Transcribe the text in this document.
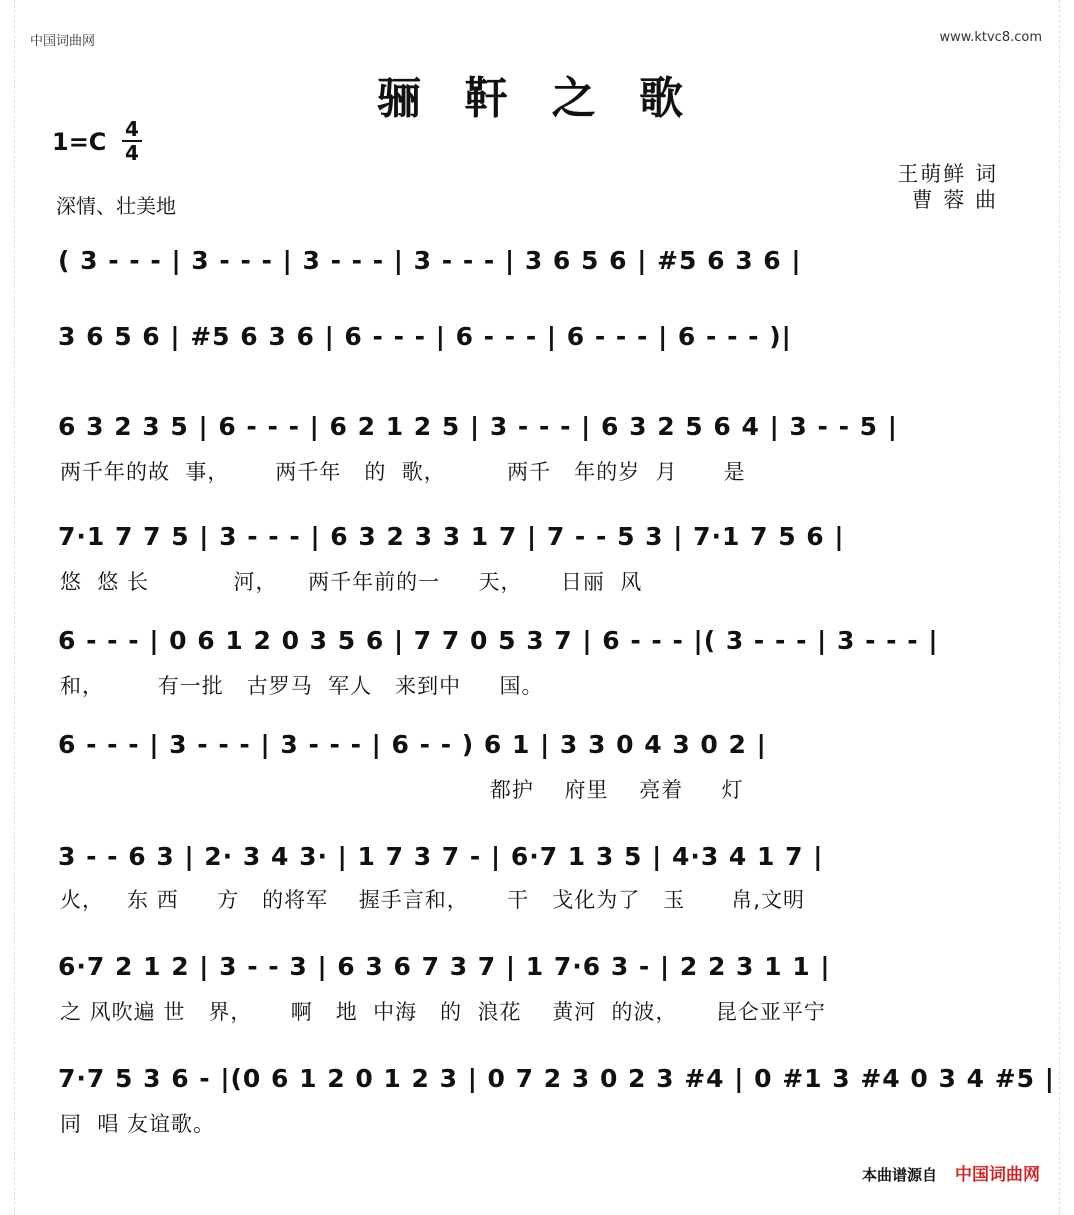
中国词曲网	www.ktvc8.com
骊 靬 之 歌
1=C 4
4
王萌鲜 词
曹 蓉 曲
深情、壮美地
( 3 - - - | 3 - - - | 3 - - - | 3 - - - | 3 6 5 6 | #5 6 3 6 |
3 6 5 6 | #5 6 3 6 | 6 - - - | 6 - - - | 6 - - - | 6 - - - )|
6 3 2 3 5 | 6 - - - | 6 2 1 2 5 | 3 - - - | 6 3 2 5 6 4 | 3 - - 5 |
两千年的故  事，      两千年   的  歌，        两千   年的岁  月      是
7·1 7 7 5 | 3 - - - | 6 3 2 3 3 1 7 | 7 - - 5 3 | 7·1 7 5 6 |
悠  悠 长           河，    两千年前的一     天，     日丽  风
6 - - - | 0 6 1 2 0 3 5 6 | 7 7 0 5 3 7 | 6 - - - |( 3 - - - | 3 - - - |
和，       有一批   古罗马  军人   来到中     国。
6 - - - | 3 - - - | 3 - - - | 6 - - ) 6 1 | 3 3 0 4 3 0 2 |
都护    府里    亮着     灯
3 - - 6 3 | 2· 3 4 3· | 1 7 3 7 - | 6·7 1 3 5 | 4·3 4 1 7 |
火，   东 西     方   的将军    握手言和，     干   戈化为了   玉      帛,文明
6·7 2 1 2 | 3 - - 3 | 6 3 6 7 3 7 | 1 7·6 3 - | 2 2 3 1 1 |
之 风吹遍 世   界，     啊   地  中海   的  浪花    黄河  的波，     昆仑亚平宁
7·7 5 3 6 - |(0 6 1 2 0 1 2 3 | 0 7 2 3 0 2 3 #4 | 0 #1 3 #4 0 3 4 #5 |
同  唱 友谊歌。
本曲谱源自 中国词曲网
